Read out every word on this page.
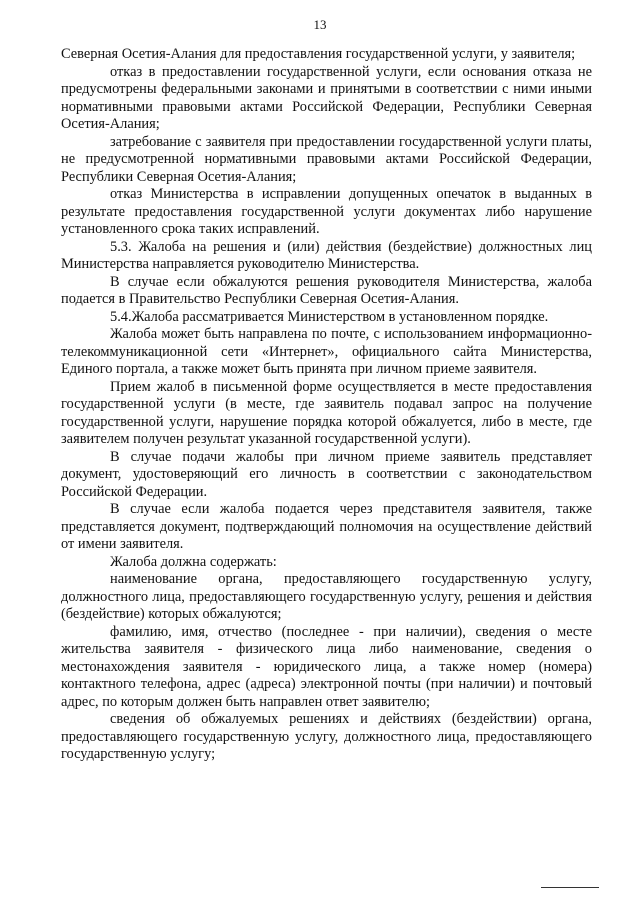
13

Северная Осетия-Алания для предоставления государственной услуги, у заявителя;

отказ в предоставлении государственной услуги, если основания отказа не предусмотрены федеральными законами и принятыми в соответствии с ними иными нормативными правовыми актами Российской Федерации, Республики Северная Осетия-Алания;

затребование с заявителя при предоставлении государственной услуги платы, не предусмотренной нормативными правовыми актами Российской Федерации, Республики Северная Осетия-Алания;

отказ Министерства в исправлении допущенных опечаток в выданных в результате предоставления государственной услуги документах либо нарушение установленного срока таких исправлений.

5.3. Жалоба на решения и (или) действия (бездействие) должностных лиц Министерства направляется руководителю Министерства.

В случае если обжалуются решения руководителя Министерства, жалоба подается в Правительство Республики Северная Осетия-Алания.

5.4.Жалоба рассматривается Министерством в установленном порядке.

Жалоба может быть направлена по почте, с использованием информационно-телекоммуникационной сети «Интернет», официального сайта Министерства, Единого портала, а также может быть принята при личном приеме заявителя.

Прием жалоб в письменной форме осуществляется в месте предоставления государственной услуги (в месте, где заявитель подавал запрос на получение государственной услуги, нарушение порядка которой обжалуется, либо в месте, где заявителем получен результат указанной государственной услуги).

В случае подачи жалобы при личном приеме заявитель представляет документ, удостоверяющий его личность в соответствии с законодательством Российской Федерации.

В случае если жалоба подается через представителя заявителя, также представляется документ, подтверждающий полномочия на осуществление действий от имени заявителя.

Жалоба должна содержать:

наименование органа, предоставляющего государственную услугу, должностного лица, предоставляющего государственную услугу, решения и действия (бездействие) которых обжалуются;

фамилию, имя, отчество (последнее - при наличии), сведения о месте жительства заявителя - физического лица либо наименование, сведения о местонахождения заявителя - юридического лица, а также номер (номера) контактного телефона, адрес (адреса) электронной почты (при наличии) и почтовый адрес, по которым должен быть направлен ответ заявителю;

сведения об обжалуемых решениях и действиях (бездействии) органа, предоставляющего государственную услугу, должностного лица, предоставляющего государственную услугу;
